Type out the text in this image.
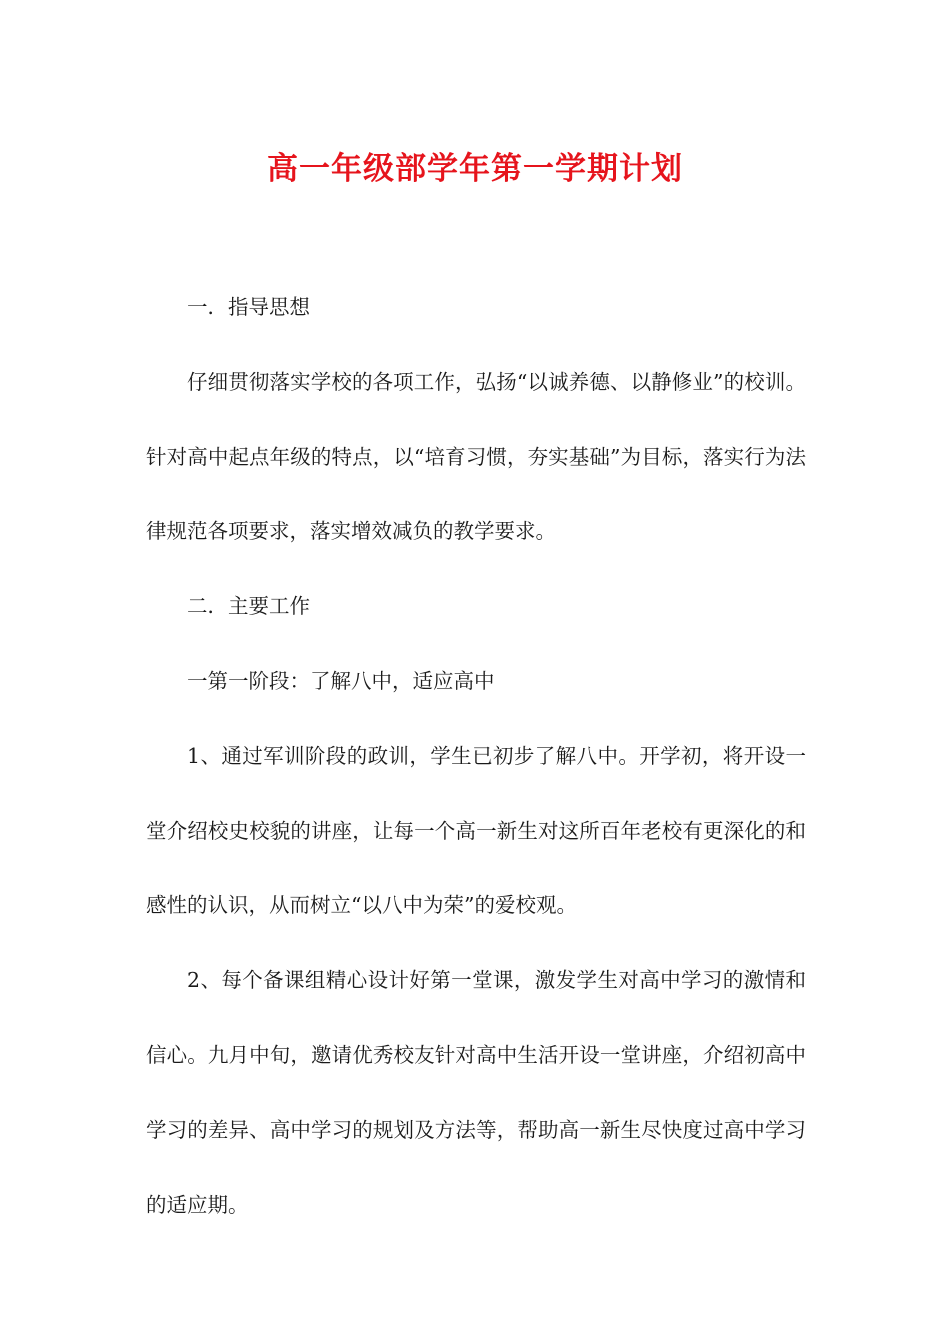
高一年级部学年第一学期计划

一．指导思想

仔细贯彻落实学校的各项工作，弘扬“以诚养德、以静修业”的校训。针对高中起点年级的特点，以“培育习惯，夯实基础”为目标，落实行为法律规范各项要求，落实增效减负的教学要求。

二．主要工作

一第一阶段：了解八中，适应高中

1、通过军训阶段的政训，学生已初步了解八中。开学初，将开设一堂介绍校史校貌的讲座，让每一个高一新生对这所百年老校有更深化的和感性的认识，从而树立“以八中为荣”的爱校观。

2、每个备课组精心设计好第一堂课，激发学生对高中学习的激情和信心。九月中旬，邀请优秀校友针对高中生活开设一堂讲座，介绍初高中学习的差异、高中学习的规划及方法等，帮助高一新生尽快度过高中学习的适应期。
